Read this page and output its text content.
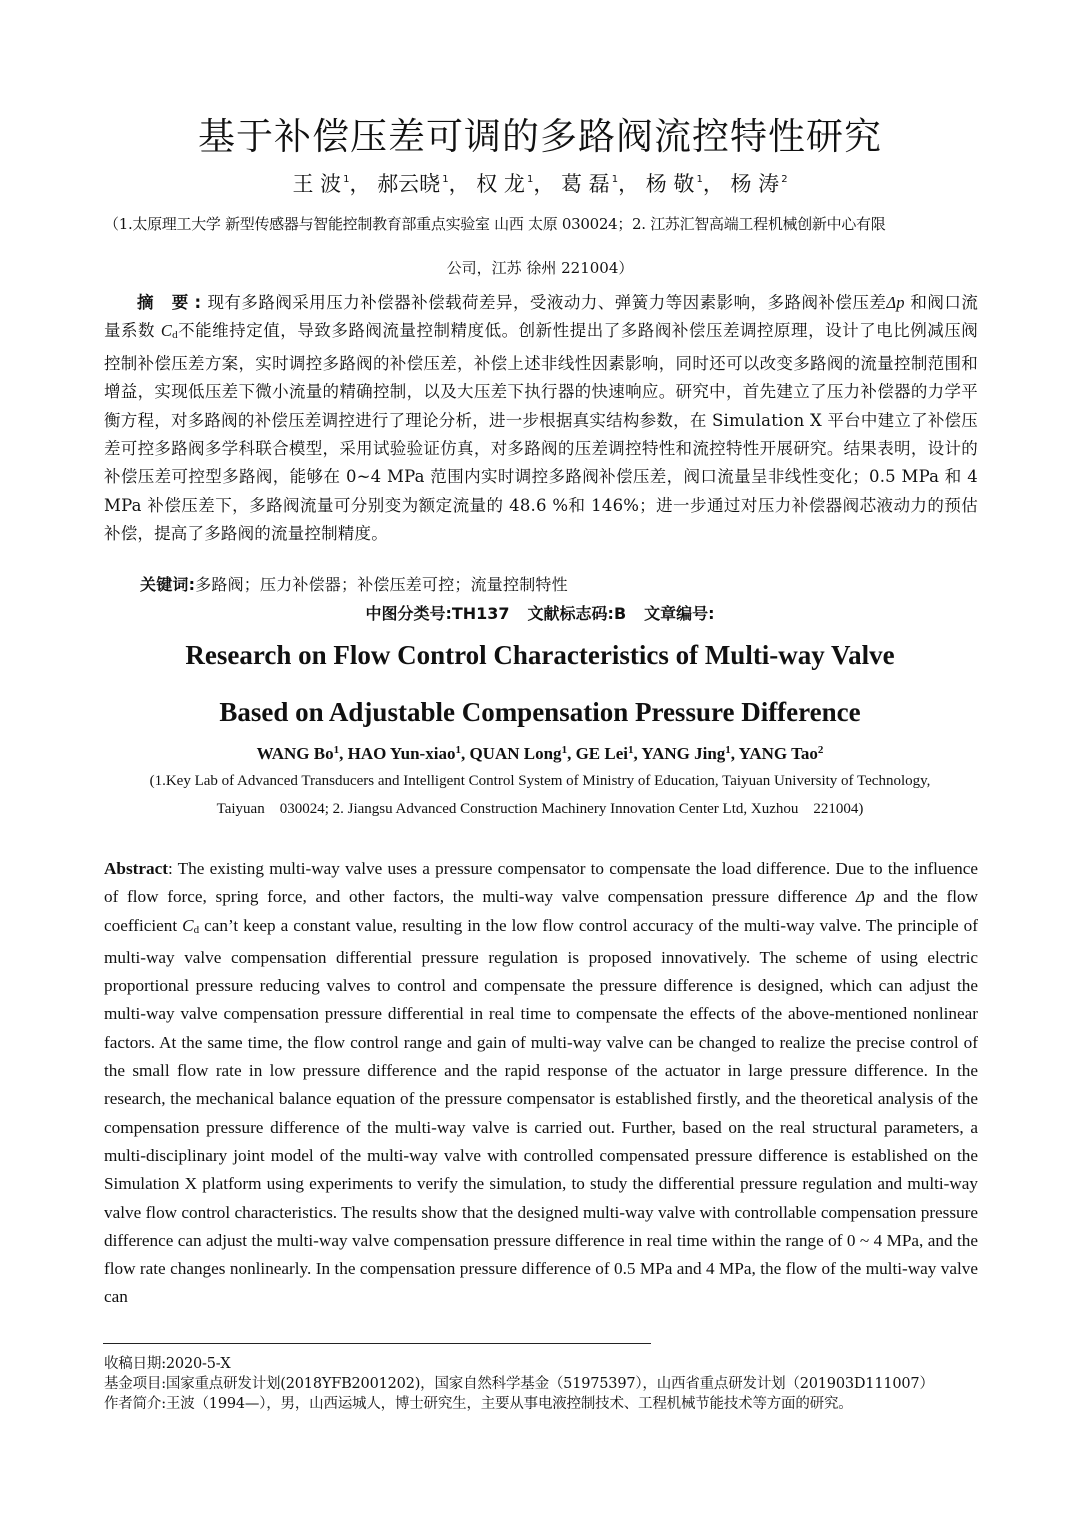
基于补偿压差可调的多路阀流控特性研究
王 波 $^1$， 郝云晓 $^1$， 权 龙 $^1$， 葛 磊 $^1$， 杨 敬 $^1$， 杨 涛 $^2$
（1.太原理工大学 新型传感器与智能控制教育部重点实验室 山西 太原 030024；2. 江苏汇智高端工程机械创新中心有限
公司，江苏 徐州 221004）
摘 要:现有多路阀采用压力补偿器补偿载荷差异，受液动力、弹簧力等因素影响，多路阀补偿压差Δp 和阀口流量系数 Cd不能维持定值，导致多路阀流量控制精度低。创新性提出了多路阀补偿压差调控原理，设计了电比例减压阀控制补偿压差方案，实时调控多路阀的补偿压差，补偿上述非线性因素影响，同时还可以改变多路阀的流量控制范围和增益，实现低压差下微小流量的精确控制，以及大压差下执行器的快速响应。研究中，首先建立了压力补偿器的力学平衡方程，对多路阀的补偿压差调控进行了理论分析，进一步根据真实结构参数，在 Simulation X 平台中建立了补偿压差可控多路阀多学科联合模型，采用试验验证仿真，对多路阀的压差调控特性和流控特性开展研究。结果表明，设计的补偿压差可控型多路阀，能够在 0~4 MPa 范围内实时调控多路阀补偿压差，阀口流量呈非线性变化；0.5 MPa 和 4 MPa 补偿压差下，多路阀流量可分别变为额定流量的 48.6 %和 146%；进一步通过对压力补偿器阀芯液动力的预估补偿，提高了多路阀的流量控制精度。
关键词:多路阀；压力补偿器；补偿压差可控；流量控制特性
中图分类号:TH137 文献标志码:B 文章编号:
Research on Flow Control Characteristics of Multi-way Valve
Based on Adjustable Compensation Pressure Difference
WANG Bo$^1$, HAO Yun-xiao$^1$, QUAN Long$^1$, GE Lei$^1$, YANG Jing$^1$, YANG Tao$^2$
(1.Key Lab of Advanced Transducers and Intelligent Control System of Ministry of Education, Taiyuan University of Technology,
Taiyuan    030024; 2. Jiangsu Advanced Construction Machinery Innovation Center Ltd, Xuzhou    221004)
Abstract: The existing multi-way valve uses a pressure compensator to compensate the load difference. Due to the influence of flow force, spring force, and other factors, the multi-way valve compensation pressure difference Δp and the flow coefficient Cd can’t keep a constant value, resulting in the low flow control accuracy of the multi-way valve. The principle of multi-way valve compensation differential pressure regulation is proposed innovatively. The scheme of using electric proportional pressure reducing valves to control and compensate the pressure difference is designed, which can adjust the multi-way valve compensation pressure differential in real time to compensate the effects of the above-mentioned nonlinear factors. At the same time, the flow control range and gain of multi-way valve can be changed to realize the precise control of the small flow rate in low pressure difference and the rapid response of the actuator in large pressure difference. In the research, the mechanical balance equation of the pressure compensator is established firstly, and the theoretical analysis of the compensation pressure difference of the multi-way valve is carried out. Further, based on the real structural parameters, a multi-disciplinary joint model of the multi-way valve with controlled compensated pressure difference is established on the Simulation X platform using experiments to verify the simulation, to study the differential pressure regulation and multi-way valve flow control characteristics. The results show that the designed multi-way valve with controllable compensation pressure difference can adjust the multi-way valve compensation pressure difference in real time within the range of 0 ~ 4 MPa, and the flow rate changes nonlinearly. In the compensation pressure difference of 0.5 MPa and 4 MPa, the flow of the multi-way valve can
收稿日期:2020-5-X
基金项目:国家重点研发计划(2018YFB2001202)，国家自然科学基金（51975397），山西省重点研发计划（201903D111007）
作者简介:王波（1994—），男，山西运城人，博士研究生，主要从事电液控制技术、工程机械节能技术等方面的研究。
